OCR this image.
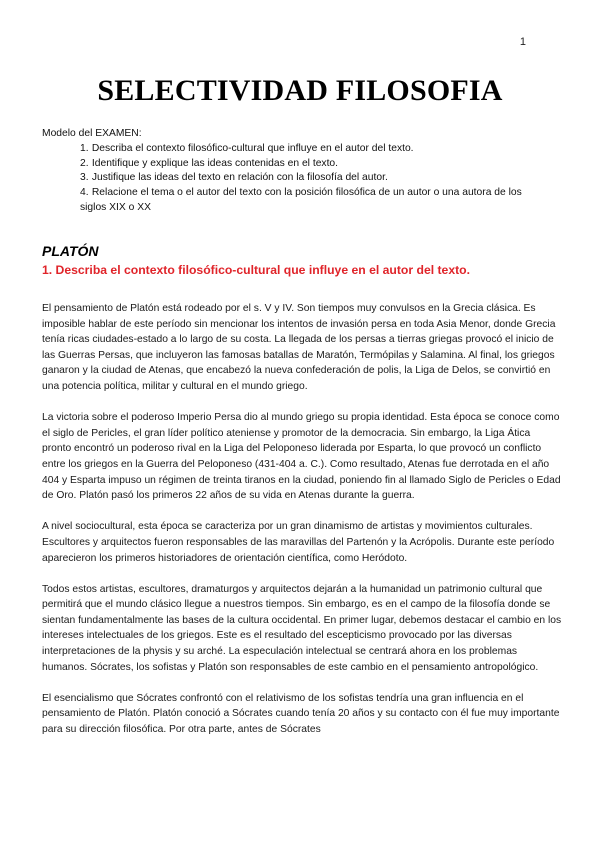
1
SELECTIVIDAD FILOSOFIA

Modelo del EXAMEN:

1. Describa el contexto filosófico-cultural que influye en el autor del texto.
2. Identifique y explique las ideas contenidas en el texto.
3. Justifique las ideas del texto en relación con la filosofía del autor.
4. Relacione el tema o el autor del texto con la posición filosófica de un autor o una autora de los siglos XIX o XX
PLATÓN
1. Describa el contexto filosófico-cultural que influye en el autor del texto.

El pensamiento de Platón está rodeado por el s. V y IV. Son tiempos muy convulsos en la Grecia clásica. Es imposible hablar de este período sin mencionar los intentos de invasión persa en toda Asia Menor, donde Grecia tenía ricas ciudades-estado a lo largo de su costa. La llegada de los persas a tierras griegas provocó el inicio de las Guerras Persas, que incluyeron las famosas batallas de Maratón, Termópilas y Salamina. Al final, los griegos ganaron y la ciudad de Atenas, que encabezó la nueva confederación de polis, la Liga de Delos, se convirtió en una potencia política, militar y cultural en el mundo griego.

La victoria sobre el poderoso Imperio Persa dio al mundo griego su propia identidad. Esta época se conoce como el siglo de Pericles, el gran líder político ateniense y promotor de la democracia. Sin embargo, la Liga Ática pronto encontró un poderoso rival en la Liga del Peloponeso liderada por Esparta, lo que provocó un conflicto entre los griegos en la Guerra del Peloponeso (431-404 a. C.). Como resultado, Atenas fue derrotada en el año 404 y Esparta impuso un régimen de treinta tiranos en la ciudad, poniendo fin al llamado Siglo de Pericles o Edad de Oro. Platón pasó los primeros 22 años de su vida en Atenas durante la guerra.

A nivel sociocultural, esta época se caracteriza por un gran dinamismo de artistas y movimientos culturales. Escultores y arquitectos fueron responsables de las maravillas del Partenón y la Acrópolis. Durante este período aparecieron los primeros historiadores de orientación científica, como Heródoto.

Todos estos artistas, escultores, dramaturgos y arquitectos dejarán a la humanidad un patrimonio cultural que permitirá que el mundo clásico llegue a nuestros tiempos. Sin embargo, es en el campo de la filosofía donde se sientan fundamentalmente las bases de la cultura occidental. En primer lugar, debemos destacar el cambio en los intereses intelectuales de los griegos. Este es el resultado del escepticismo provocado por las diversas interpretaciones de la physis y su arché. La especulación intelectual se centrará ahora en los problemas humanos. Sócrates, los sofistas y Platón son responsables de este cambio en el pensamiento antropológico.

El esencialismo que Sócrates confrontó con el relativismo de los sofistas tendría una gran influencia en el pensamiento de Platón. Platón conoció a Sócrates cuando tenía 20 años y su contacto con él fue muy importante para su dirección filosófica. Por otra parte, antes de Sócrates
